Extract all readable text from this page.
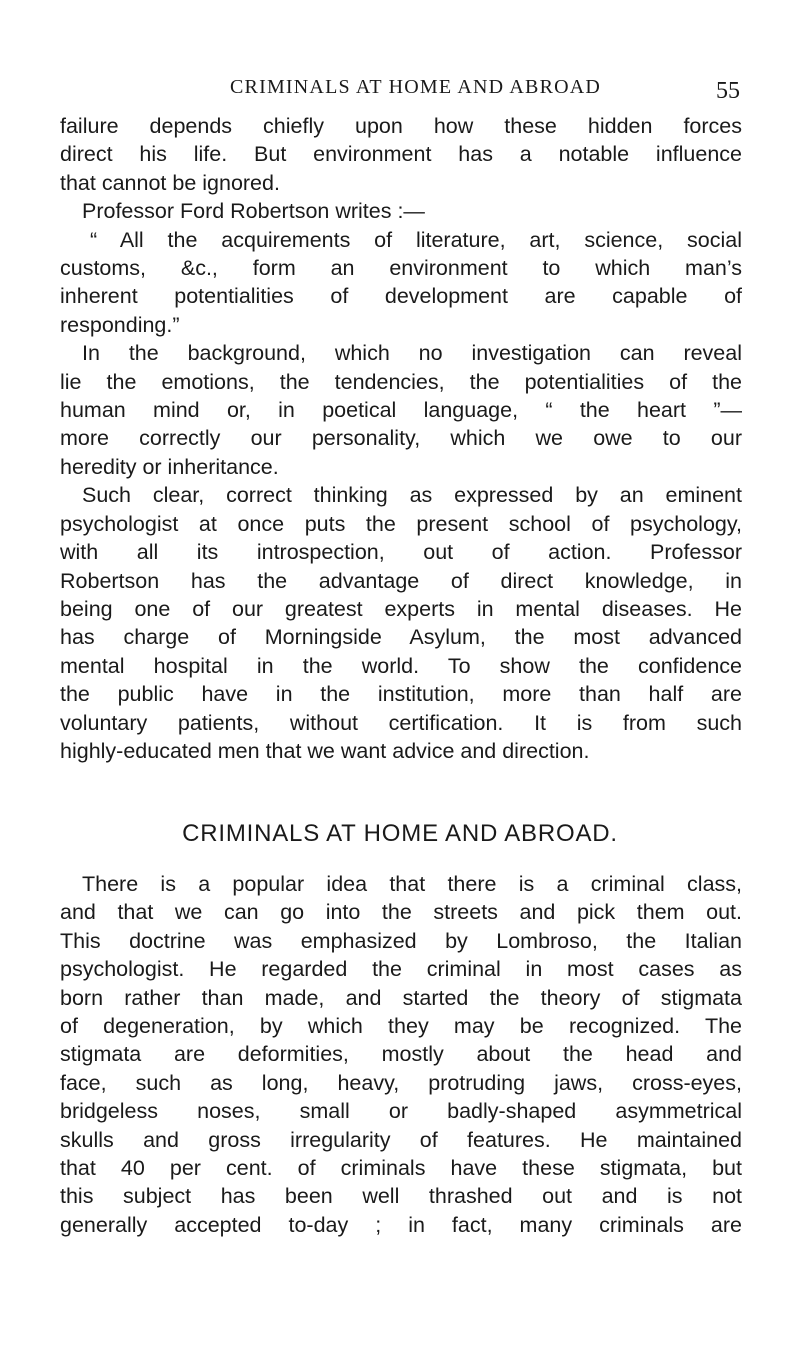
CRIMINALS AT HOME AND ABROAD	55
failure depends chiefly upon how these hidden forces
direct his life. But environment has a notable influence
that cannot be ignored.
Professor Ford Robertson writes :—
“ All the acquirements of literature, art, science, social
customs, &c., form an environment to which man’s
inherent potentialities of development are capable of
responding.”
In the background, which no investigation can reveal
lie the emotions, the tendencies, the potentialities of the
human mind or, in poetical language, “ the heart ”—
more correctly our personality, which we owe to our
heredity or inheritance.
Such clear, correct thinking as expressed by an eminent
psychologist at once puts the present school of psychology,
with all its introspection, out of action. Professor
Robertson has the advantage of direct knowledge, in
being one of our greatest experts in mental diseases. He
has charge of Morningside Asylum, the most advanced
mental hospital in the world. To show the confidence
the public have in the institution, more than half are
voluntary patients, without certification. It is from such
highly-educated men that we want advice and direction.
CRIMINALS AT HOME AND ABROAD.
There is a popular idea that there is a criminal class,
and that we can go into the streets and pick them out.
This doctrine was emphasized by Lombroso, the Italian
psychologist. He regarded the criminal in most cases as
born rather than made, and started the theory of stigmata
of degeneration, by which they may be recognized. The
stigmata are deformities, mostly about the head and
face, such as long, heavy, protruding jaws, cross-eyes,
bridgeless noses, small or badly-shaped asymmetrical
skulls and gross irregularity of features. He maintained
that 40 per cent. of criminals have these stigmata, but
this subject has been well thrashed out and is not
generally accepted to-day ; in fact, many criminals are
